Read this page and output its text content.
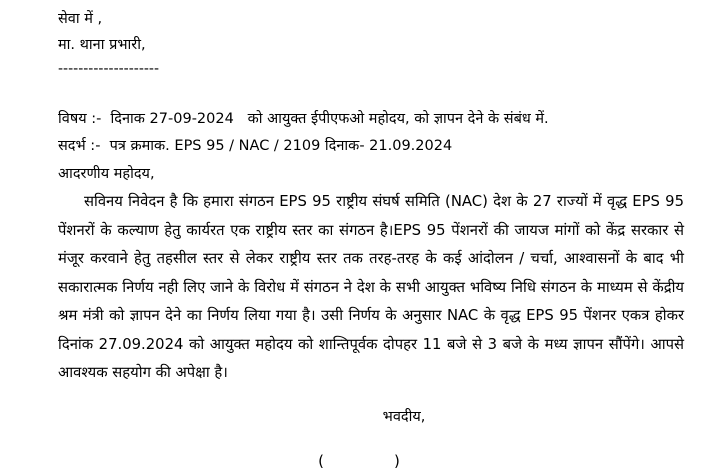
सेवा में ,
मा. थाना प्रभारी,
--------------------
विषय :-  दिनाक 27-09-2024   को आयुक्त ईपीएफओ महोदय, को ज्ञापन देने के संबंध में.
सदर्भ :-  पत्र क्रमाक. EPS 95 / NAC / 2109 दिनाक- 21.09.2024
आदरणीय महोदय,

सविनय निवेदन है कि हमारा संगठन EPS 95 राष्ट्रीय संघर्ष समिति (NAC) देश के 27 राज्यों में वृद्ध EPS 95 पेंशनरों के कल्याण हेतु कार्यरत एक राष्ट्रीय स्तर का संगठन है।EPS 95 पेंशनरों की जायज मांगों को केंद्र सरकार से मंजूर करवाने हेतु तहसील स्तर से लेकर राष्ट्रीय स्तर तक तरह-तरह के कई आंदोलन / चर्चा, आश्वासनों के बाद भी सकारात्मक निर्णय नही लिए जाने के विरोध में संगठन ने देश के सभी आयुक्त भविष्य निधि संगठन के माध्यम से केंद्रीय श्रम मंत्री को ज्ञापन देने का निर्णय लिया गया है। उसी निर्णय के अनुसार NAC के वृद्ध EPS 95 पेंशनर एकत्र होकर दिनांक 27.09.2024 को आयुक्त महोदय को शान्तिपूर्वक दोपहर 11 बजे से 3 बजे के मध्य ज्ञापन सौंपेंगे। आपसे आवश्यक सहयोग की अपेक्षा है।

भवदीय,
()
